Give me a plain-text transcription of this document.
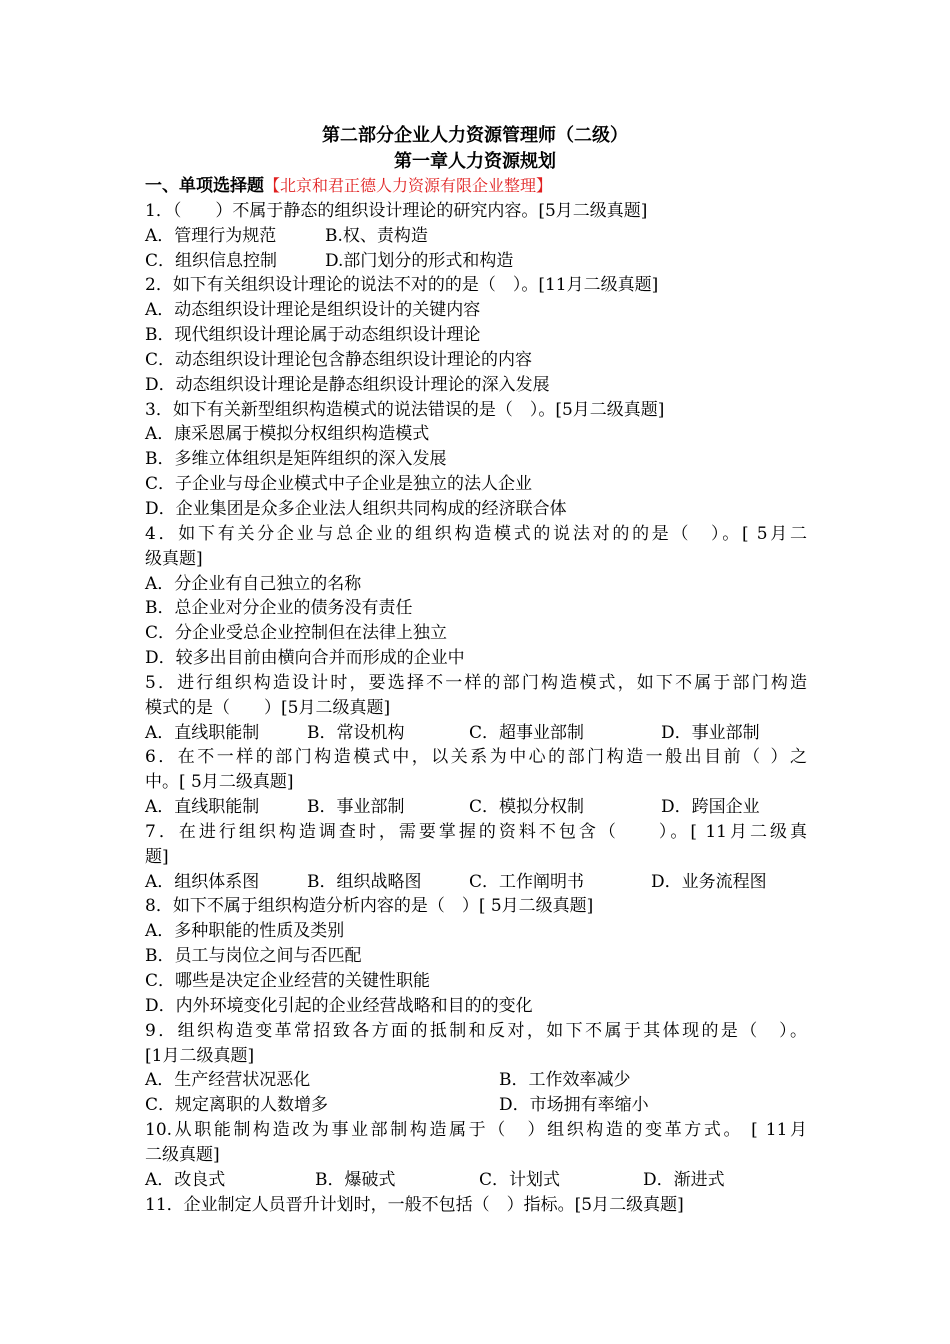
第二部分企业人力资源管理师（二级）
第一章人力资源规划
一、单项选择题【北京和君正德人力资源有限企业整理】
1．（　　）不属于静态的组织设计理论的研究内容。[5月二级真题]
A．管理行为规范	B.权、责构造
C．组织信息控制	D.部门划分的形式和构造
2．如下有关组织设计理论的说法不对的的是（　）。[11月二级真题]
A．动态组织设计理论是组织设计的关键内容
B．现代组织设计理论属于动态组织设计理论
C．动态组织设计理论包含静态组织设计理论的内容
D．动态组织设计理论是静态组织设计理论的深入发展
3．如下有关新型组织构造模式的说法错误的是（　）。[5月二级真题]
A．康采恩属于模拟分权组织构造模式
B．多维立体组织是矩阵组织的深入发展
C．子企业与母企业模式中子企业是独立的法人企业
D．企业集团是众多企业法人组织共同构成的经济联合体
4．如下有关分企业与总企业的组织构造模式的说法对的的是（　）。[ 5月二
级真题]
A．分企业有自己独立的名称
B．总企业对分企业的债务没有责任
C．分企业受总企业控制但在法律上独立
D．较多出目前由横向合并而形成的企业中
5．进行组织构造设计时，要选择不一样的部门构造模式，如下不属于部门构造
模式的是（　　）[5月二级真题]
A．直线职能制	B．常设机构	C．超事业部制	D．事业部制
6．在不一样的部门构造模式中，以关系为中心的部门构造一般出目前（ ）之
中。[ 5月二级真题]
A．直线职能制	B．事业部制	C．模拟分权制	D．跨国企业
7．在进行组织构造调查时，需要掌握的资料不包含（　　）。[ 11月二级真
题]
A．组织体系图	B．组织战略图	C．工作阐明书	D．业务流程图
8．如下不属于组织构造分析内容的是（　）[ 5月二级真题]
A．多种职能的性质及类别
B．员工与岗位之间与否匹配
C．哪些是决定企业经营的关键性职能
D．内外环境变化引起的企业经营战略和目的的变化
9．组织构造变革常招致各方面的抵制和反对，如下不属于其体现的是（　）。
[1月二级真题]
A．生产经营状况恶化	B．工作效率减少
C．规定离职的人数增多	D．市场拥有率缩小
10.从职能制构造改为事业部制构造属于（　）组织构造的变革方式。 [ 11月
二级真题]
A．改良式	B．爆破式	C．计划式	D．渐进式
11．企业制定人员晋升计划时，一般不包括（　）指标。[5月二级真题]
